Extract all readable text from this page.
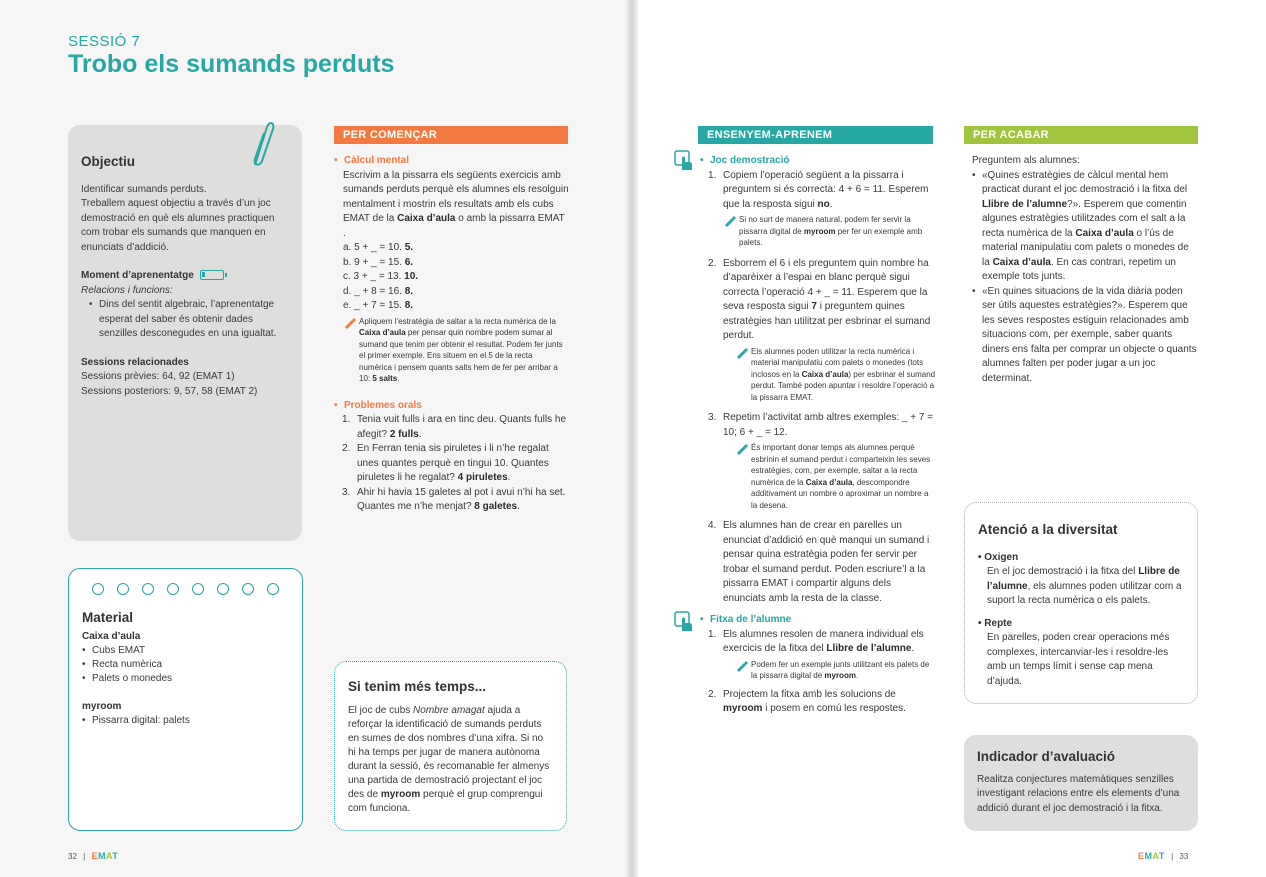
SESSIÓ 7
Trobo els sumands perduts
Objectiu

Identificar sumands perduts.

Treballem aquest objectiu a través d’un joc demostració en què els alumnes practiquen com trobar els sumands que manquen en enunciats d’addició.

Moment d’aprenentatge
Relacions i funcions:
• Dins del sentit algebraic, l’aprenentatge esperat del saber és obtenir dades senzilles desconegudes en una igualtat.
Sessions relacionades
Sessions prèvies: 64, 92 (EMAT 1)
Sessions posteriors: 9, 57, 58 (EMAT 2)
Material
Caixa d’aula
• Cubs EMAT
• Recta numèrica
• Palets o monedes
myroom
• Pissarra digital: palets
PER COMENÇAR
• Càlcul mental
Escrivim a la pissarra els següents exercicis amb sumands perduts perquè els alumnes els resolguin mentalment i mostrin els resultats amb els cubs EMAT de la Caixa d’aula o amb la pissarra EMAT .
a. 5 + _ = 10. 5.
b. 9 + _ = 15. 6.
c. 3 + _ = 13. 10.
d. _ + 8 = 16. 8.
e. _ + 7 = 15. 8.
Apliquem l’estratègia de saltar a la recta numèrica de la Caixa d’aula per pensar quin nombre podem sumar al sumand que tenim per obtenir el resultat. Podem fer junts el primer exemple. Ens situem en el 5 de la recta numèrica i pensem quants salts hem de fer per arribar a 10: 5 salts.
• Problemes orals
1. Tenia vuit fulls i ara en tinc deu. Quants fulls he afegit? 2 fulls.
2. En Ferran tenia sis piruletes i li n’he regalat unes quantes perquè en tingui 10. Quantes piruletes li he regalat? 4 piruletes.
3. Ahir hi havia 15 galetes al pot i avui n’hi ha set. Quantes me n’he menjat? 8 galetes.
Si tenim més temps...
El joc de cubs Nombre amagat ajuda a reforçar la identificació de sumands perduts en sumes de dos nombres d’una xifra. Si no hi ha temps per jugar de manera autònoma durant la sessió, és recomanable fer almenys una partida de demostració projectant el joc des de myroom perquè el grup comprengui com funciona.
ENSENYEM-APRENEM
• Joc demostració
1. Copiem l’operació següent a la pissarra i preguntem si és correcta: 4 + 6 = 11. Esperem que la resposta sigui no.
Si no surt de manera natural, podem fer servir la pissarra digital de myroom per fer un exemple amb palets.
2. Esborrem el 6 i els preguntem quin nombre ha d’aparèixer a l’espai en blanc perquè sigui correcta l’operació 4 + _ = 11. Esperem que la seva resposta sigui 7 i preguntem quines estratègies han utilitzat per esbrinar el sumand perdut.
Els alumnes poden utilitzar la recta numèrica i material manipulatiu com palets o monedes (tots inclosos en la Caixa d’aula) per esbrinar el sumand perdut. També poden apuntar i resoldre l’operació a la pissarra EMAT.
3. Repetim l’activitat amb altres exemples: _ + 7 = 10; 6 + _ = 12.
És important donar temps als alumnes perquè esbrinin el sumand perdut i comparteixin les seves estratègies, com, per exemple, saltar a la recta numèrica de la Caixa d’aula, descompondre additivament un nombre o aproximar un nombre a la desena.
4. Els alumnes han de crear en parelles un enunciat d’addició en què manqui un sumand i pensar quina estratègia poden fer servir per trobar el sumand perdut. Poden escriure’l a la pissarra EMAT i compartir alguns dels enunciats amb la resta de la classe.
• Fitxa de l’alumne
1. Els alumnes resolen de manera individual els exercicis de la fitxa del Llibre de l’alumne.
Podem fer un exemple junts utilitzant els palets de la pissarra digital de myroom.
2. Projectem la fitxa amb les solucions de myroom i posem en comú les respostes.
PER ACABAR
Preguntem als alumnes:
• «Quines estratègies de càlcul mental hem practicat durant el joc demostració i la fitxa del Llibre de l’alumne?». Esperem que comentin algunes estratègies utilitzades com el salt a la recta numèrica de la Caixa d’aula o l’ús de material manipulatiu com palets o monedes de la Caixa d’aula. En cas contrari, repetim un exemple tots junts.
• «En quines situacions de la vida diària poden ser útils aquestes estratègies?». Esperem que les seves respostes estiguin relacionades amb situacions com, per exemple, saber quants diners ens falta per comprar un objecte o quants alumnes falten per poder jugar a un joc determinat.
Atenció a la diversitat
• Oxigen
En el joc demostració i la fitxa del Llibre de l’alumne, els alumnes poden utilitzar com a suport la recta numèrica o els palets.
• Repte
En parelles, poden crear operacions més complexes, intercanviar-les i resoldre-les amb un temps límit i sense cap mena d’ajuda.
Indicador d’avaluació
Realitza conjectures matemàtiques senzilles investigant relacions entre els elements d’una addició durant el joc demostració i la fitxa.
32 | EMAT	EMAT | 33
